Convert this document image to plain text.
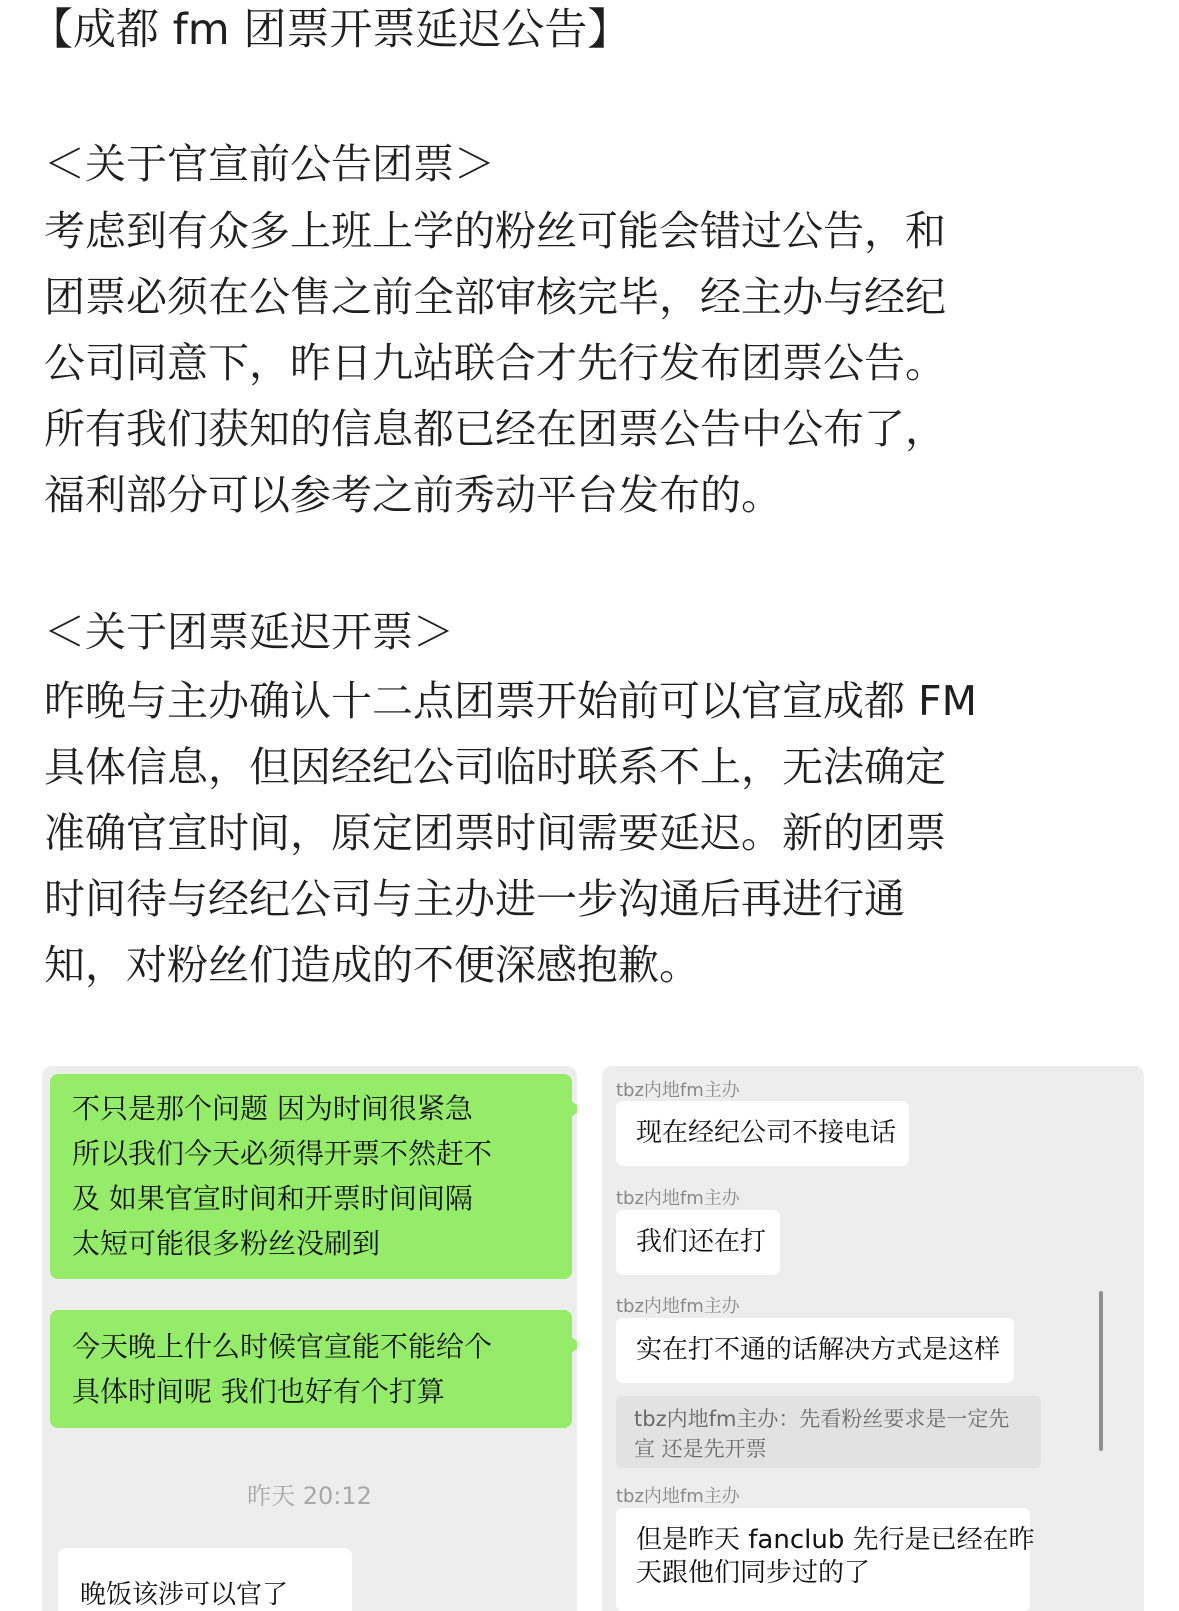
【成都 fm 团票开票延迟公告】
＜关于官宣前公告团票＞
考虑到有众多上班上学的粉丝可能会错过公告，和
团票必须在公售之前全部审核完毕，经主办与经纪
公司同意下，昨日九站联合才先行发布团票公告。
所有我们获知的信息都已经在团票公告中公布了，
福利部分可以参考之前秀动平台发布的。
＜关于团票延迟开票＞
昨晚与主办确认十二点团票开始前可以官宣成都 FM
具体信息，但因经纪公司临时联系不上，无法确定
准确官宣时间，原定团票时间需要延迟。新的团票
时间待与经纪公司与主办进一步沟通后再进行通
知，对粉丝们造成的不便深感抱歉。
不只是那个问题 因为时间很紧急
所以我们今天必须得开票不然赶不
及 如果官宣时间和开票时间间隔
太短可能很多粉丝没刷到
今天晚上什么时候官宣能不能给个
具体时间呢 我们也好有个打算
昨天 20:12
晚饭该涉可以官了
tbz内地fm主办
现在经纪公司不接电话
tbz内地fm主办
我们还在打
tbz内地fm主办
实在打不通的话解决方式是这样
tbz内地fm主办：先看粉丝要求是一定先
宣 还是先开票
tbz内地fm主办
但是昨天 fanclub 先行是已经在昨
天跟他们同步过的了
